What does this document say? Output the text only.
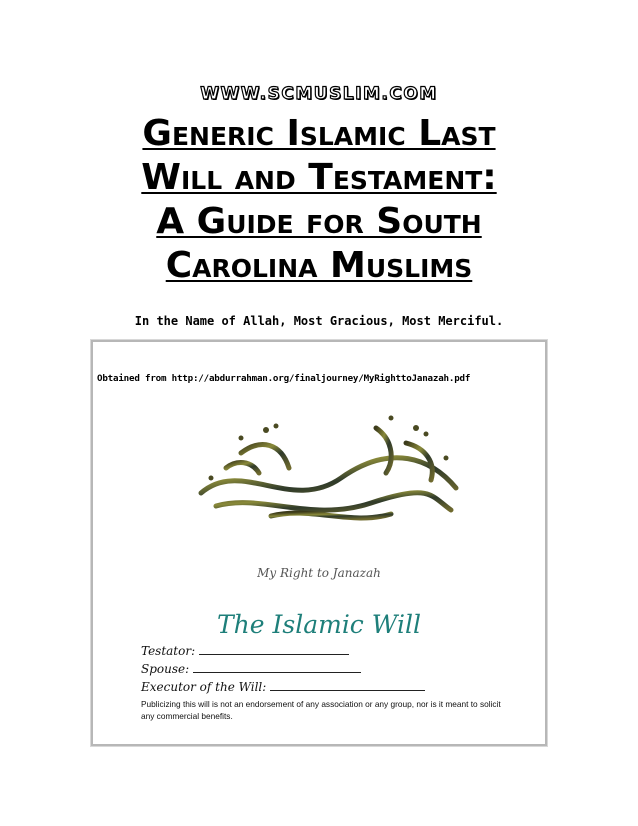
WWW.SCMUSLIM.COM
Generic Islamic Last
Will and Testament:
A Guide for South
Carolina Muslims
In the Name of Allah, Most Gracious, Most Merciful.
Obtained from http://abdurrahman.org/finaljourney/MyRighttoJanazah.pdf
My Right to Janazah
The Islamic Will
Testator:
Spouse:
Executor of the Will:
Publicizing this will is not an endorsement of any association or any group, nor is it meant to solicit any commercial benefits.
